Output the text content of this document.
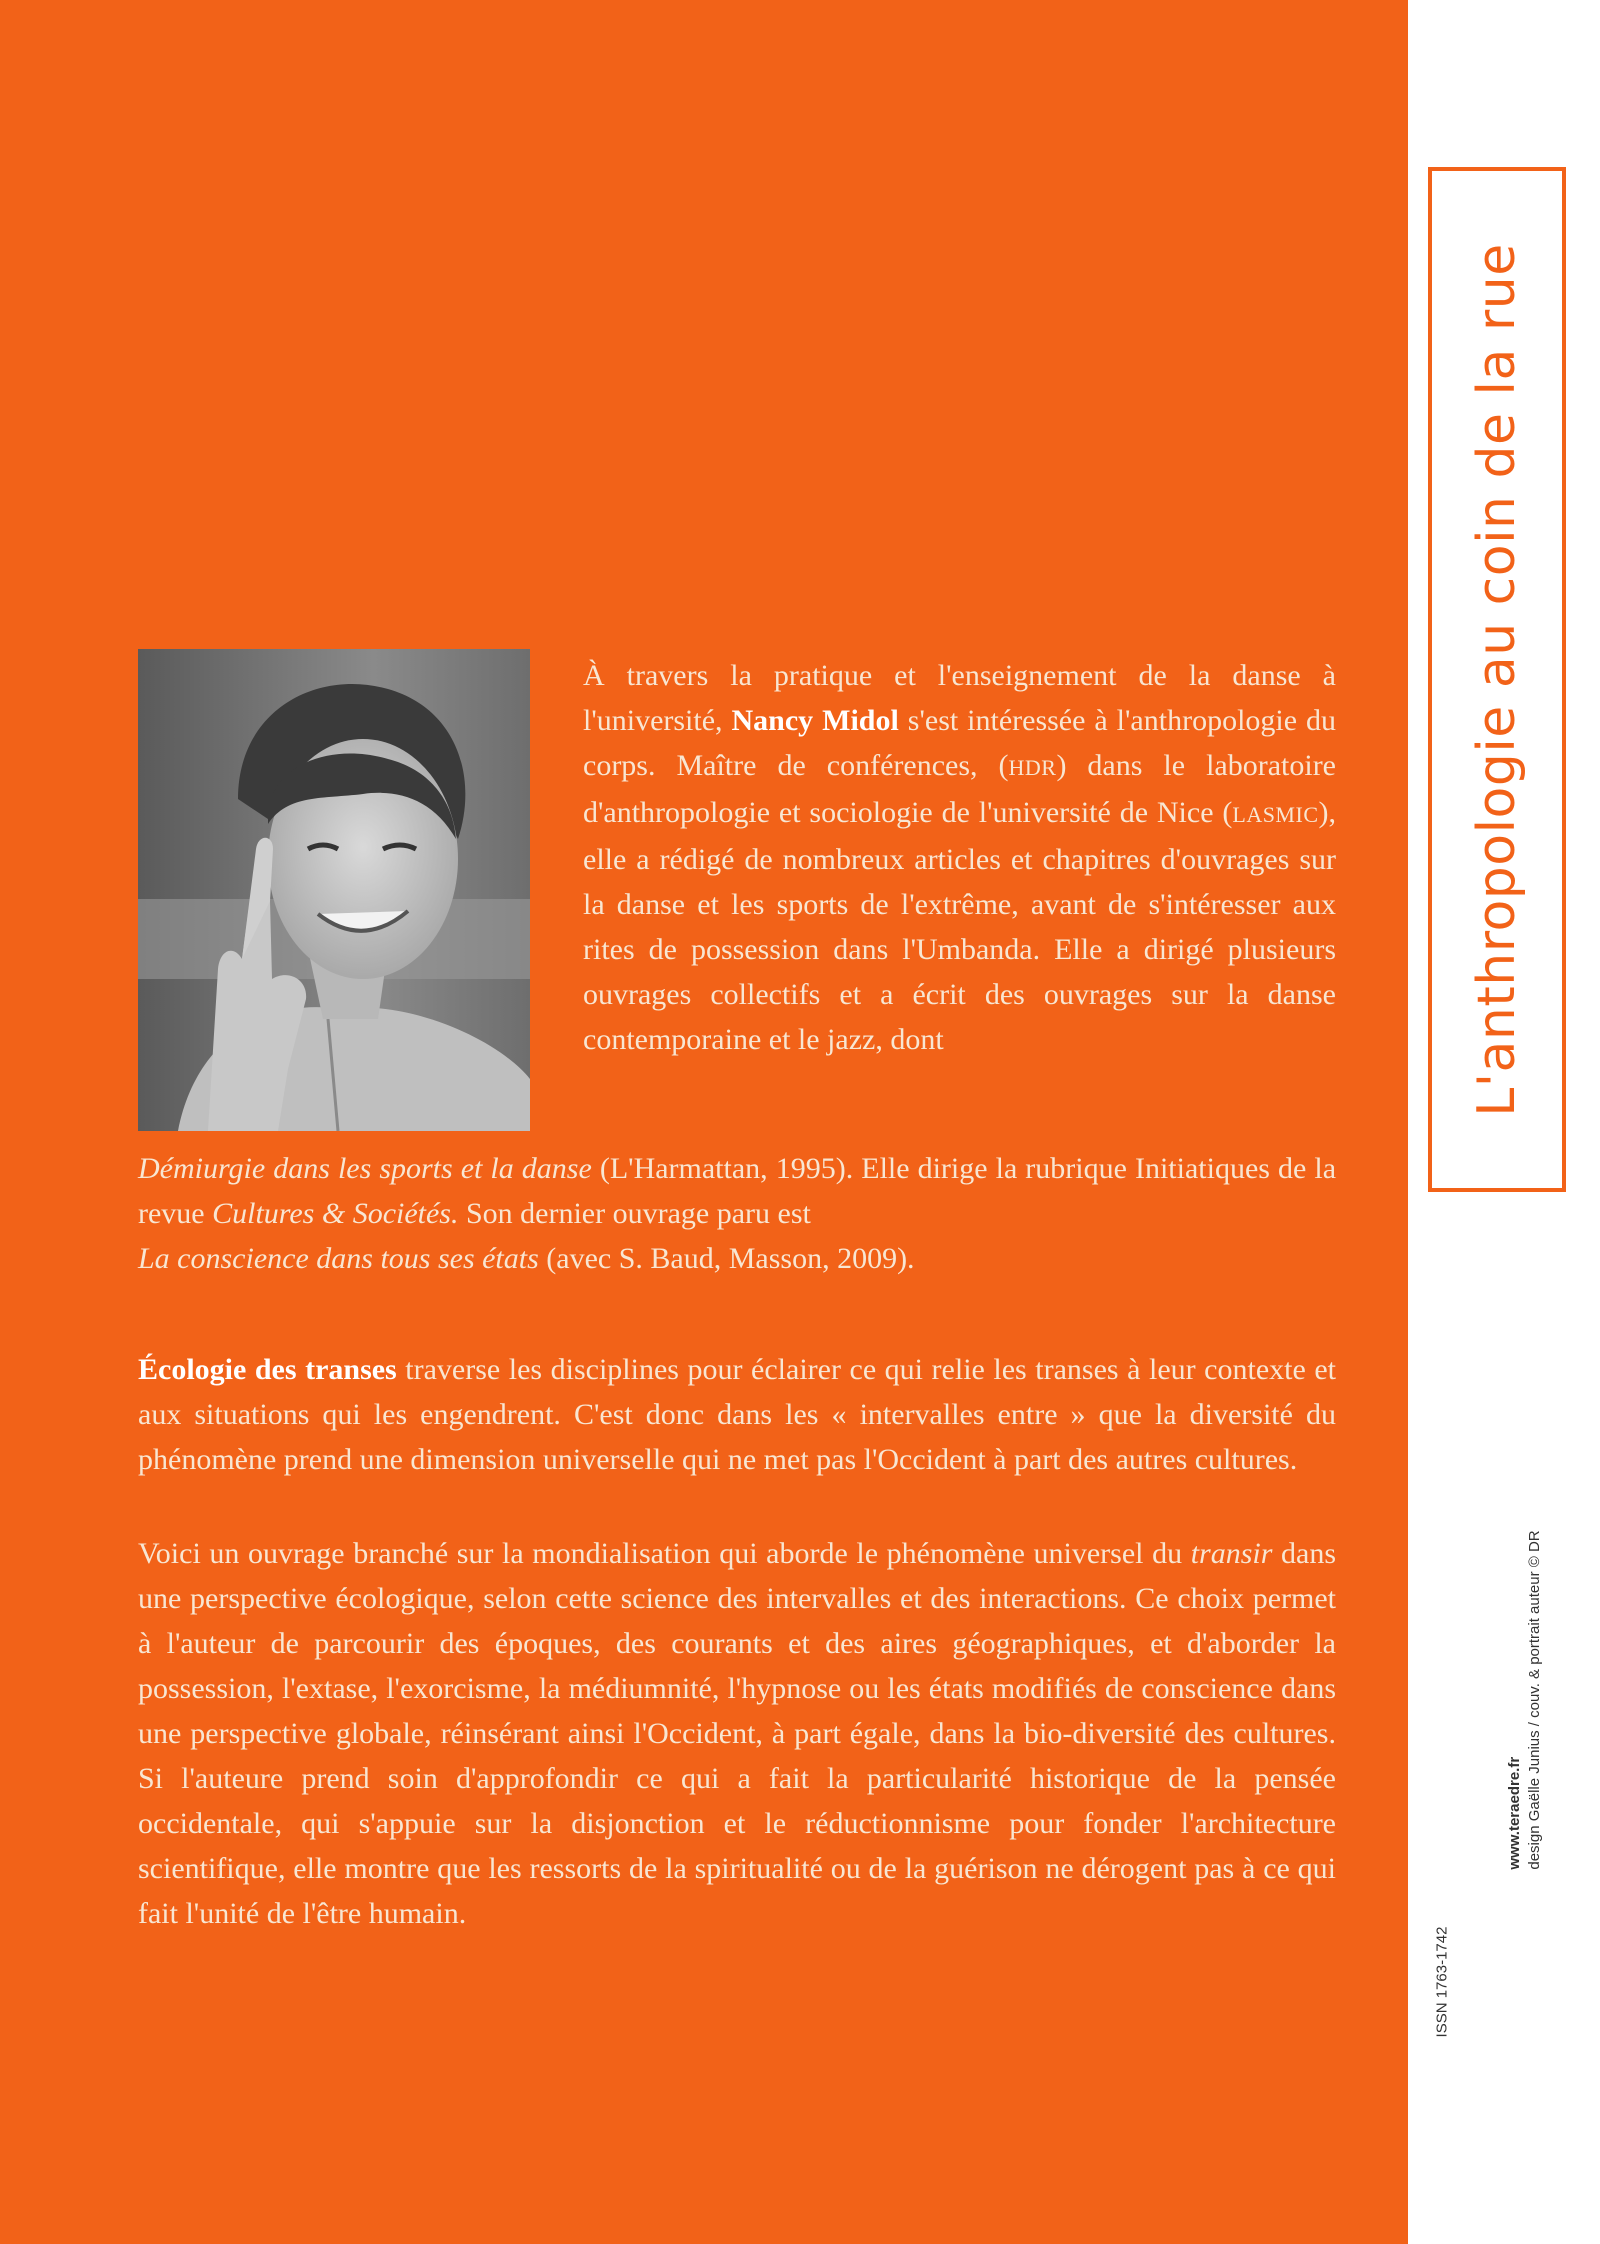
L'anthropologie au coin de la rue
ISSN 1763-1742
www.teraedre.fr design Gaëlle Junius / couv. & portrait auteur © DR
À travers la pratique et l'enseignement de la danse à l'université, Nancy Midol s'est intéressée à l'anthropologie du corps. Maître de conférences, (HDR) dans le laboratoire d'anthropologie et sociologie de l'université de Nice (LASMIC), elle a rédigé de nombreux articles et chapitres d'ouvrages sur la danse et les sports de l'extrême, avant de s'intéresser aux rites de possession dans l'Umbanda. Elle a dirigé plusieurs ouvrages collectifs et a écrit des ouvrages sur la danse contemporaine et le jazz, dont
Démiurgie dans les sports et la danse (L'Harmattan, 1995). Elle dirige la rubrique Initiatiques de la revue Cultures & Sociétés. Son dernier ouvrage paru est
La conscience dans tous ses états (avec S. Baud, Masson, 2009).
Écologie des transes traverse les disciplines pour éclairer ce qui relie les transes à leur contexte et aux situations qui les engendrent. C'est donc dans les « intervalles entre » que la diversité du phénomène prend une dimension universelle qui ne met pas l'Occident à part des autres cultures.
Voici un ouvrage branché sur la mondialisation qui aborde le phénomène universel du transir dans une perspective écologique, selon cette science des intervalles et des interactions. Ce choix permet à l'auteur de parcourir des époques, des courants et des aires géographiques, et d'aborder la possession, l'extase, l'exorcisme, la médiumnité, l'hypnose ou les états modifiés de conscience dans une perspective globale, réinsérant ainsi l'Occident, à part égale, dans la bio-diversité des cultures. Si l'auteure prend soin d'approfondir ce qui a fait la particularité historique de la pensée occidentale, qui s'appuie sur la disjonction et le réductionnisme pour fonder l'architecture scientifique, elle montre que les ressorts de la spiritualité ou de la guérison ne dérogent pas à ce qui fait l'unité de l'être humain.
